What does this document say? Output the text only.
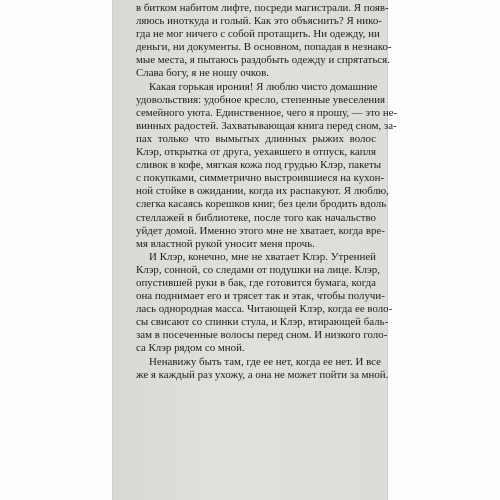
в битком набитом лифте, посреди магистрали. Я появ-
ляюсь иноткуда и голый. Как это объяснить? Я нико-
гда не мог ничего с собой протащить. Ни одежду, ни
деньги, ни документы. В основном, попадая в незнако-
мые места, я пытаюсь раздобыть одежду и спрятаться.
Слава богу, я не ношу очков.
Какая горькая ирония! Я люблю чисто домашние
удовольствия: удобное кресло, степенные увеселения
семейного уюта. Единственное, чего я прошу, — это не-
винных радостей. Захватывающая книга перед сном, за-
пах только что вымытых длинных рыжих волос
Клэр, открытка от друга, уехавшего в отпуск, капля
сливок в кофе, мягкая кожа под грудью Клэр, пакеты
с покупками, симметрично выстроившиеся на кухон-
ной стойке в ожидании, когда их распакуют. Я люблю,
слегка касаясь корешков книг, без цели бродить вдоль
стеллажей в библиотеке, после того как начальство
уйдет домой. Именно этого мне не хватает, когда вре-
мя властной рукой уносит меня прочь.
И Клэр, конечно, мне не хватает Клэр. Утренней
Клэр, сонной, со следами от подушки на лице. Клэр,
опустившей руки в бак, где готовится бумага, когда
она поднимает его и трясет так и этак, чтобы получи-
лась однородная масса. Читающей Клэр, когда ее воло-
сы свисают со спинки стула, и Клэр, втирающей баль-
зам в посеченные волосы перед сном. И низкого голо-
са Клэр рядом со мной.
Ненавижу быть там, где ее нет, когда ее нет. И все
же я каждый раз ухожу, а она не может пойти за мной.
